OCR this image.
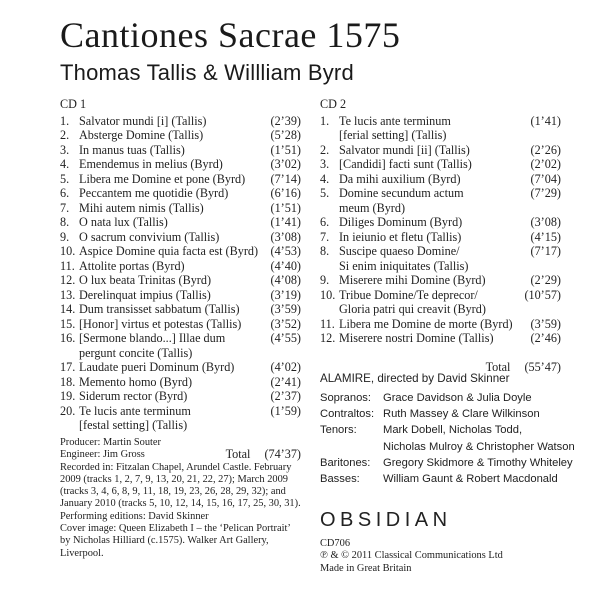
Cantiones Sacrae 1575
Thomas Tallis & Willliam Byrd
CD 1
1. Salvator mundi [i] (Tallis)	(2’39)
2. Absterge Domine (Tallis)	(5’28)
3. In manus tuas (Tallis)	(1’51)
4. Emendemus in melius (Byrd)	(3’02)
5. Libera me Domine et pone (Byrd)	(7’14)
6. Peccantem me quotidie (Byrd)	(6’16)
7. Mihi autem nimis (Tallis)	(1’51)
8. O nata lux (Tallis)	(1’41)
9. O sacrum convivium (Tallis)	(3’08)
10. Aspice Domine quia facta est (Byrd)	(4’53)
11. Attolite portas (Byrd)	(4’40)
12. O lux beata Trinitas (Byrd)	(4’08)
13. Derelinquat impius (Tallis)	(3’19)
14. Dum transisset sabbatum (Tallis)	(3’59)
15. [Honor] virtus et potestas (Tallis)	(3’52)
16. [Sermone blando...] Illae dum	(4’55)
pergunt concite (Tallis)
17. Laudate pueri Dominum (Byrd)	(4’02)
18. Memento homo (Byrd)	(2’41)
19. Siderum rector (Byrd)	(2’37)
20. Te lucis ante terminum	(1’59)
[festal setting] (Tallis)
Total (74’37)
CD 2
1. Te lucis ante terminum	(1’41)
[ferial setting] (Tallis)
2. Salvator mundi [ii] (Tallis)	(2’26)
3. [Candidi] facti sunt (Tallis)	(2’02)
4. Da mihi auxilium (Byrd)	(7’04)
5. Domine secundum actum	(7’29)
meum (Byrd)
6. Diliges Dominum (Byrd)	(3’08)
7. In ieiunio et fletu (Tallis)	(4’15)
8. Suscipe quaeso Domine/	(7’17)
Si enim iniquitates (Tallis)
9. Miserere mihi Domine (Byrd)	(2’29)
10. Tribue Domine/Te deprecor/	(10’57)
Gloria patri qui creavit (Byrd)
11. Libera me Domine de morte (Byrd)	(3’59)
12. Miserere nostri Domine (Tallis)	(2’46)
Total (55’47)
ALAMIRE, directed by David Skinner
Sopranos:	Grace Davidson & Julia Doyle
Contraltos: Ruth Massey & Clare Wilkinson
Tenors:	Mark Dobell, Nicholas Todd,
Nicholas Mulroy & Christopher Watson
Baritones:	Gregory Skidmore & Timothy Whiteley
Basses:	William Gaunt & Robert Macdonald
Producer: Martin Souter
Engineer: Jim Gross
Recorded in: Fitzalan Chapel, Arundel Castle. February
2009 (tracks 1, 2, 7, 9, 13, 20, 21, 22, 27); March 2009
(tracks 3, 4, 6, 8, 9, 11, 18, 19, 23, 26, 28, 29, 32); and
January 2010 (tracks 5, 10, 12, 14, 15, 16, 17, 25, 30, 31).
Performing editions: David Skinner
Cover image: Queen Elizabeth I – the ‘Pelican Portrait’
by Nicholas Hilliard (c.1575). Walker Art Gallery,
Liverpool.
OBSIDIAN
CD706
℗ & © 2011 Classical Communications Ltd
Made in Great Britain
